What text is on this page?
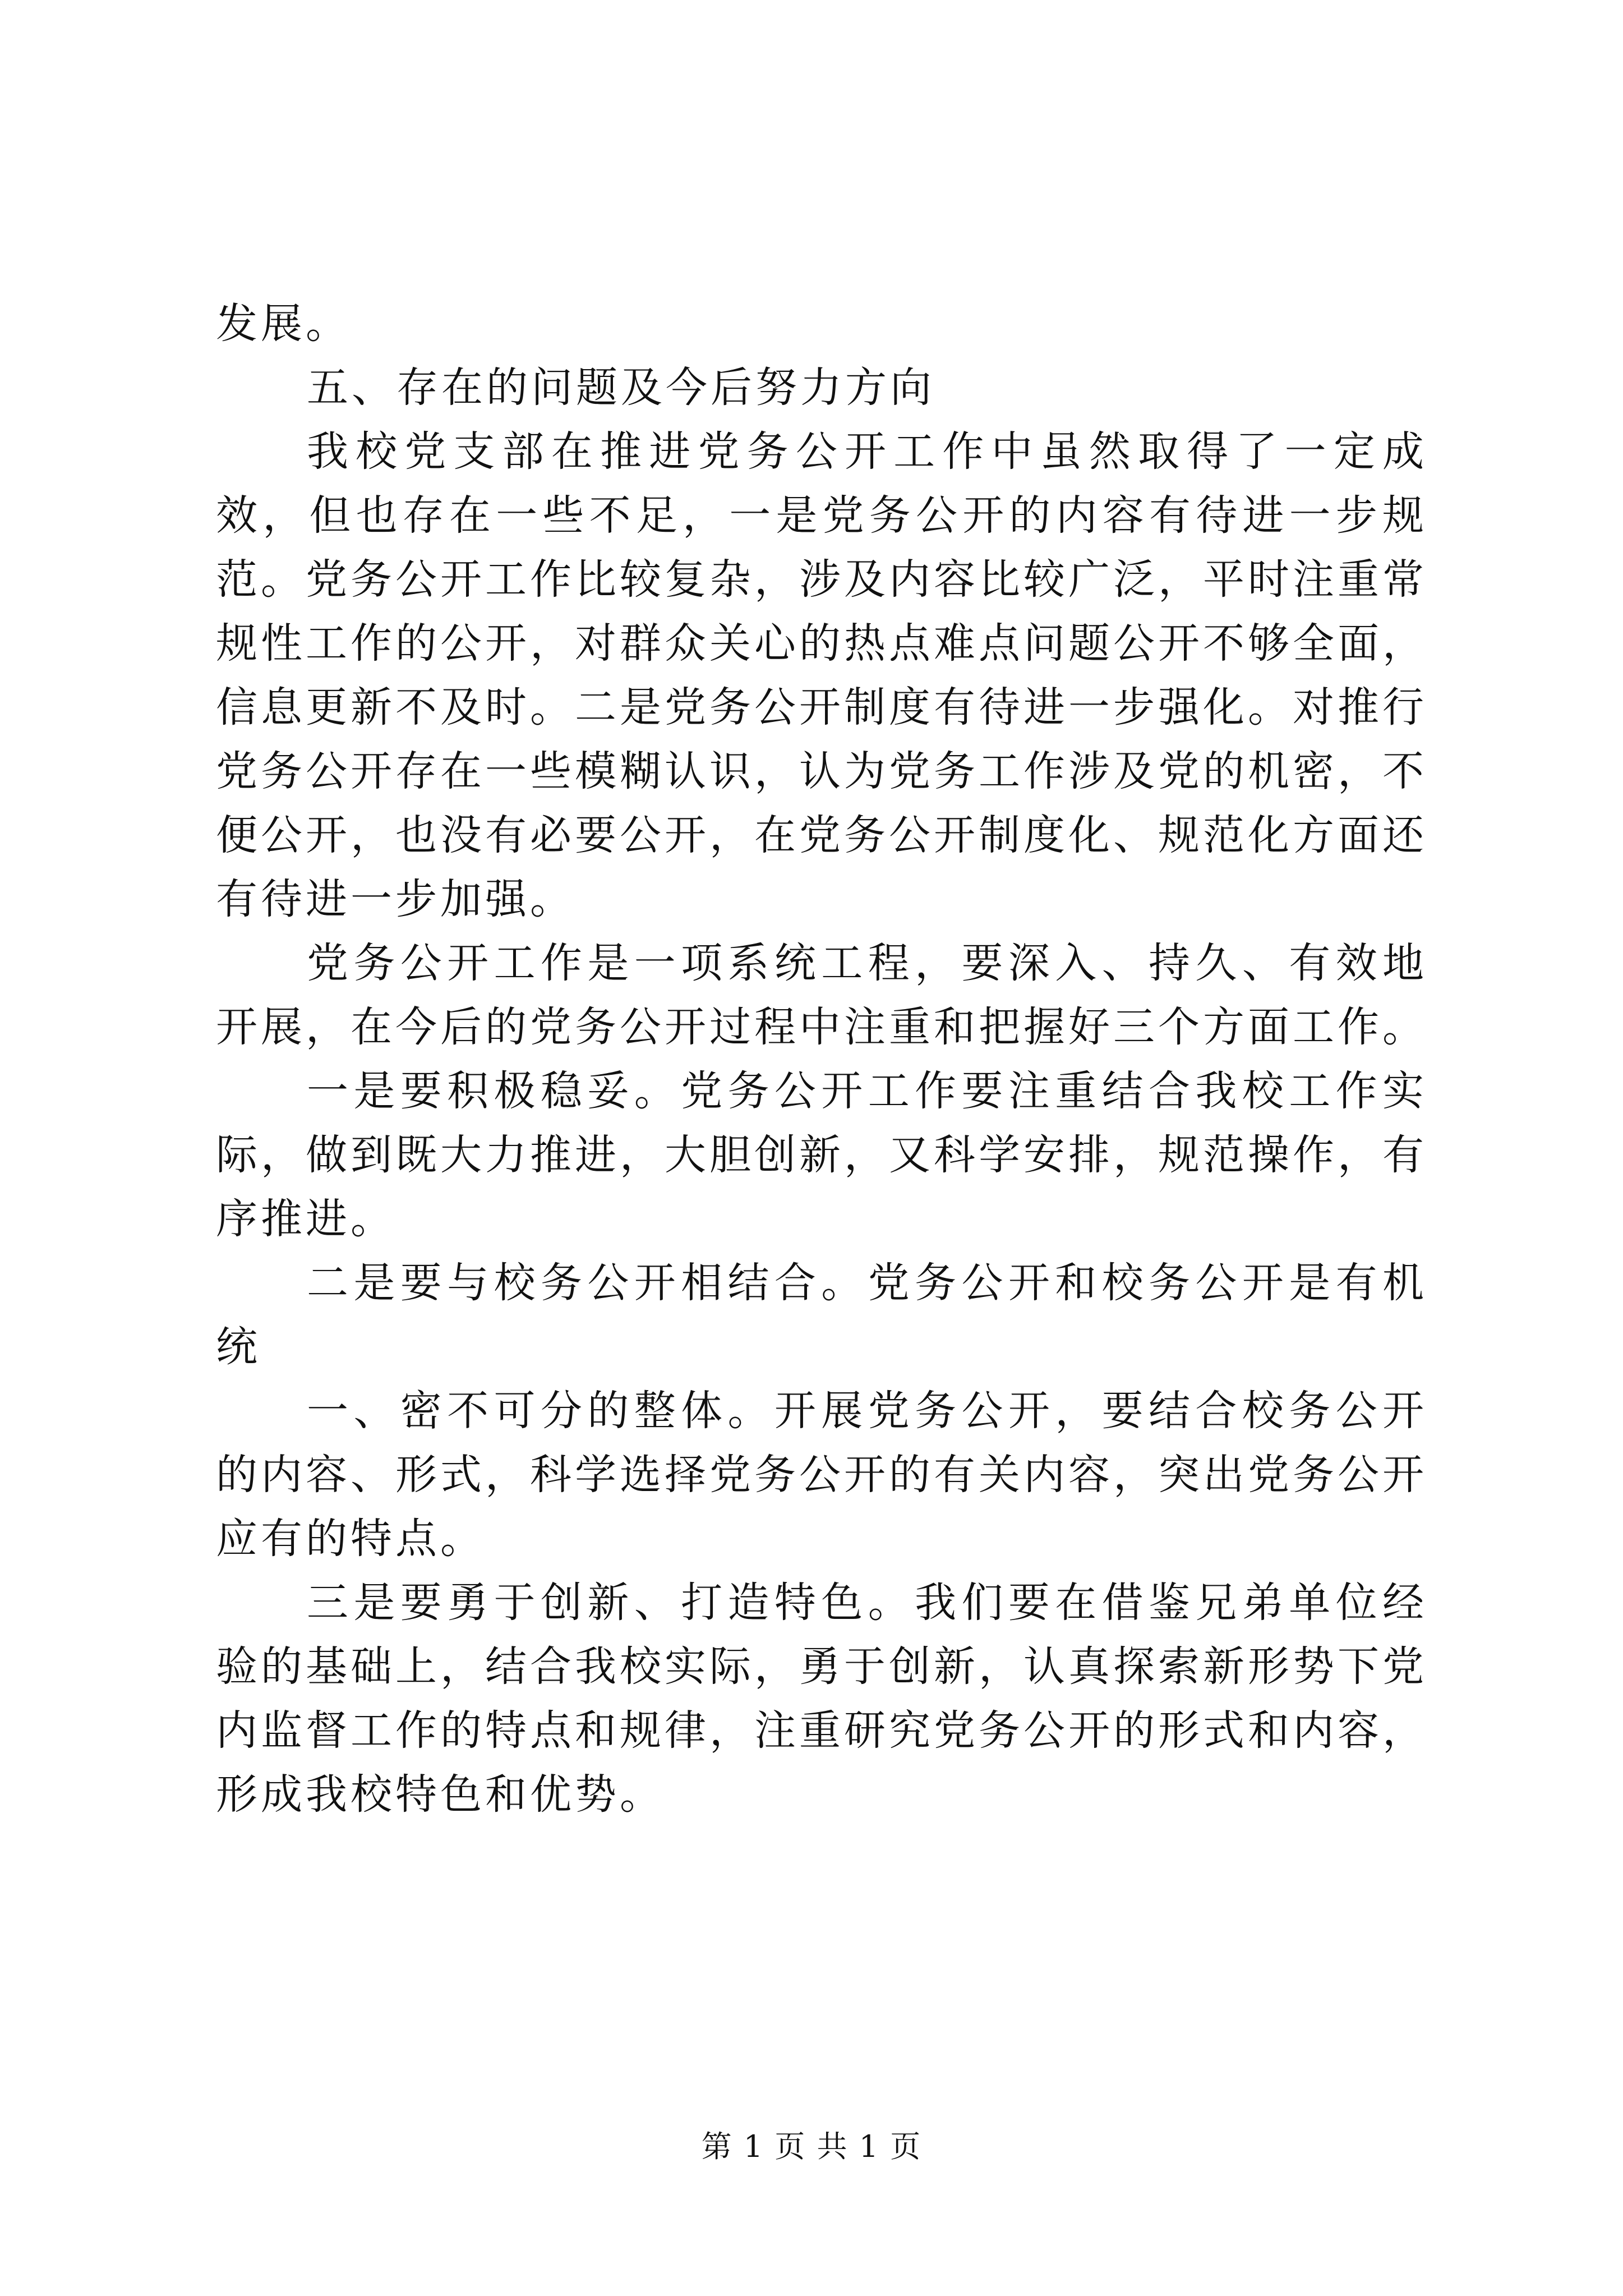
发展。

五、存在的问题及今后努力方向

我校党支部在推进党务公开工作中虽然取得了一定成效，但也存在一些不足，一是党务公开的内容有待进一步规范。党务公开工作比较复杂，涉及内容比较广泛，平时注重常规性工作的公开，对群众关心的热点难点问题公开不够全面，信息更新不及时。二是党务公开制度有待进一步强化。对推行党务公开存在一些模糊认识，认为党务工作涉及党的机密，不便公开，也没有必要公开，在党务公开制度化、规范化方面还有待进一步加强。

党务公开工作是一项系统工程，要深入、持久、有效地开展，在今后的党务公开过程中注重和把握好三个方面工作。

一是要积极稳妥。党务公开工作要注重结合我校工作实际，做到既大力推进，大胆创新，又科学安排，规范操作，有序推进。

二是要与校务公开相结合。党务公开和校务公开是有机统

一、密不可分的整体。开展党务公开，要结合校务公开的内容、形式，科学选择党务公开的有关内容，突出党务公开应有的特点。

三是要勇于创新、打造特色。我们要在借鉴兄弟单位经验的基础上，结合我校实际，勇于创新，认真探索新形势下党内监督工作的特点和规律，注重研究党务公开的形式和内容，形成我校特色和优势。

第 1 页 共 1 页
